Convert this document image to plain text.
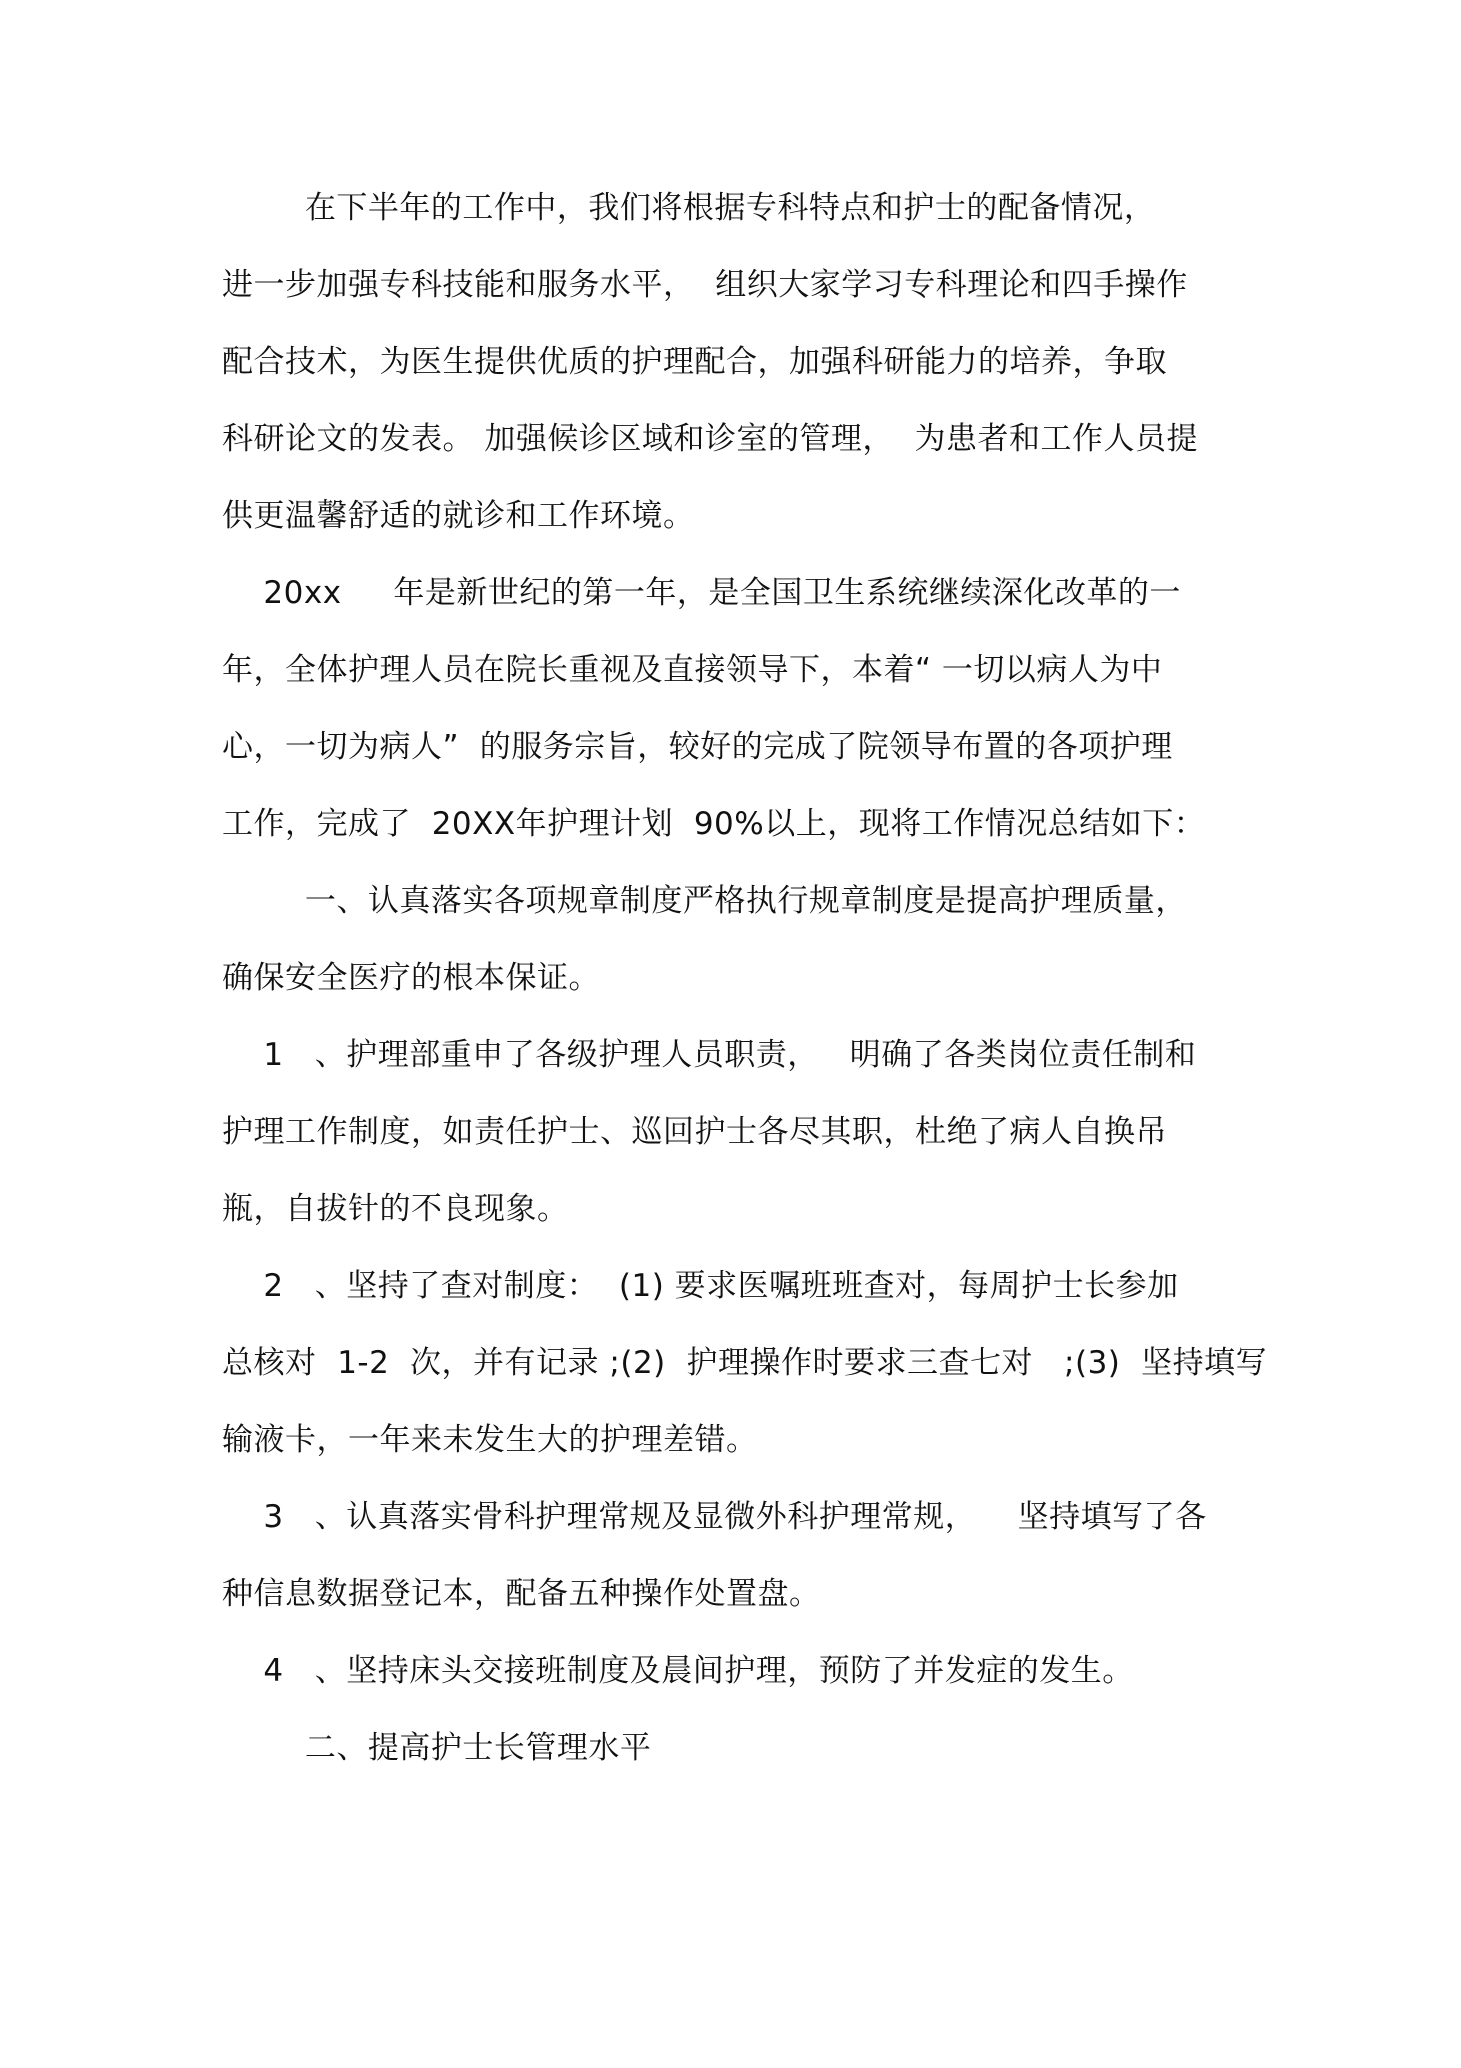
在下半年的工作中，我们将根据专科特点和护士的配备情况，
进一步加强专科技能和服务水平，  组织大家学习专科理论和四手操作
配合技术，为医生提供优质的护理配合，加强科研能力的培养，争取
科研论文的发表。 加强候诊区域和诊室的管理，  为患者和工作人员提
供更温馨舒适的就诊和工作环境。
20xx     年是新世纪的第一年，是全国卫生系统继续深化改革的一
年，全体护理人员在院长重视及直接领导下，本着“ 一切以病人为中
心，一切为病人”  的服务宗旨，较好的完成了院领导布置的各项护理
工作，完成了  20XX年护理计划  90%以上，现将工作情况总结如下：
一、认真落实各项规章制度严格执行规章制度是提高护理质量，
确保安全医疗的根本保证。
1   、护理部重申了各级护理人员职责，   明确了各类岗位责任制和
护理工作制度，如责任护士、巡回护士各尽其职，杜绝了病人自换吊
瓶，自拔针的不良现象。
2   、坚持了查对制度：  (1) 要求医嘱班班查对，每周护士长参加
总核对  1-2  次，并有记录 ;(2)  护理操作时要求三查七对   ;(3)  坚持填写
输液卡，一年来未发生大的护理差错。
3   、认真落实骨科护理常规及显微外科护理常规，    坚持填写了各
种信息数据登记本，配备五种操作处置盘。
4   、坚持床头交接班制度及晨间护理，预防了并发症的发生。
二、提高护士长管理水平
